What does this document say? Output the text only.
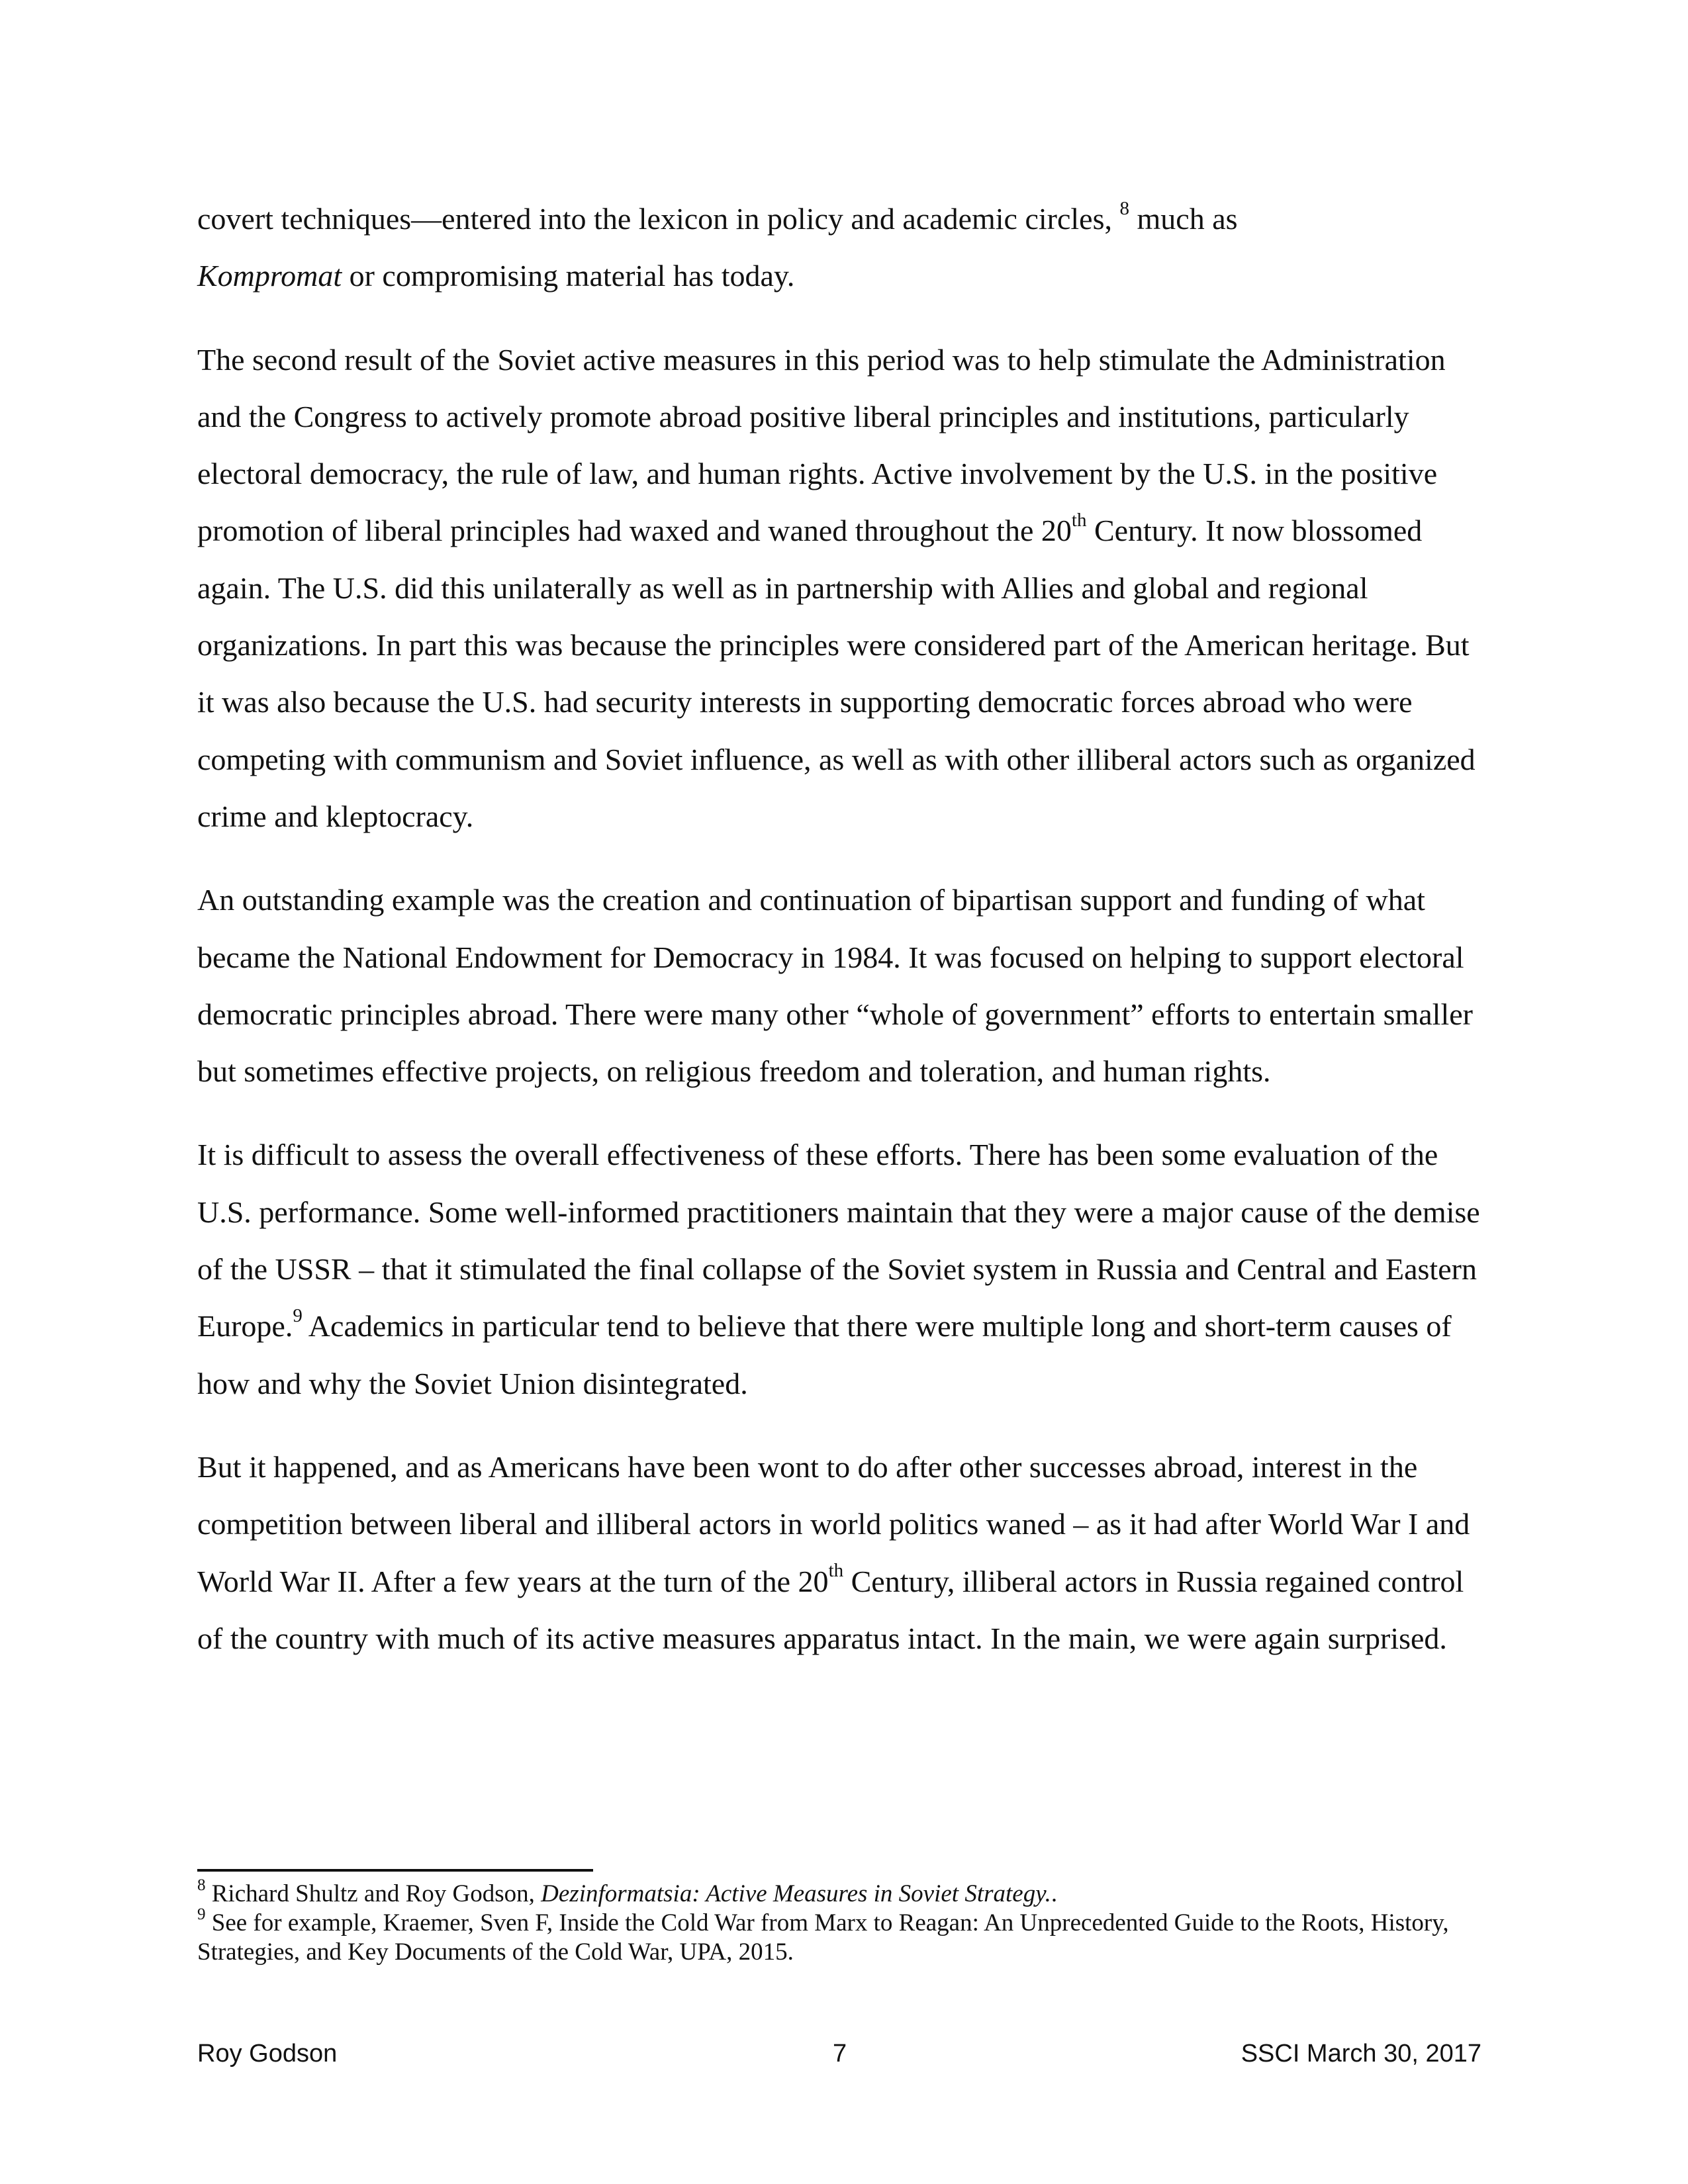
covert techniques—entered into the lexicon in policy and academic circles, $^8$ much as
Kompromat or compromising material has today.

The second result of the Soviet active measures in this period was to help stimulate the Administration and the Congress to actively promote abroad positive liberal principles and institutions, particularly electoral democracy, the rule of law, and human rights. Active involvement by the U.S. in the positive promotion of liberal principles had waxed and waned throughout the 20th Century. It now blossomed again. The U.S. did this unilaterally as well as in partnership with Allies and global and regional organizations. In part this was because the principles were considered part of the American heritage. But it was also because the U.S. had security interests in supporting democratic forces abroad who were competing with communism and Soviet influence, as well as with other illiberal actors such as organized crime and kleptocracy.

An outstanding example was the creation and continuation of bipartisan support and funding of what became the National Endowment for Democracy in 1984. It was focused on helping to support electoral democratic principles abroad. There were many other “whole of government” efforts to entertain smaller but sometimes effective projects, on religious freedom and toleration, and human rights.

It is difficult to assess the overall effectiveness of these efforts. There has been some evaluation of the U.S. performance. Some well-informed practitioners maintain that they were a major cause of the demise of the USSR – that it stimulated the final collapse of the Soviet system in Russia and Central and Eastern Europe.$^9$ Academics in particular tend to believe that there were multiple long and short-term causes of how and why the Soviet Union disintegrated.

But it happened, and as Americans have been wont to do after other successes abroad, interest in the competition between liberal and illiberal actors in world politics waned – as it had after World War I and World War II. After a few years at the turn of the 20th Century, illiberal actors in Russia regained control of the country with much of its active measures apparatus intact. In the main, we were again surprised.

$^8$ Richard Shultz and Roy Godson, Dezinformatsia: Active Measures in Soviet Strategy..

$^9$ See for example, Kraemer, Sven F, Inside the Cold War from Marx to Reagan: An Unprecedented Guide to the Roots, History, Strategies, and Key Documents of the Cold War, UPA, 2015.

Roy Godson	7	SSCI March 30, 2017
